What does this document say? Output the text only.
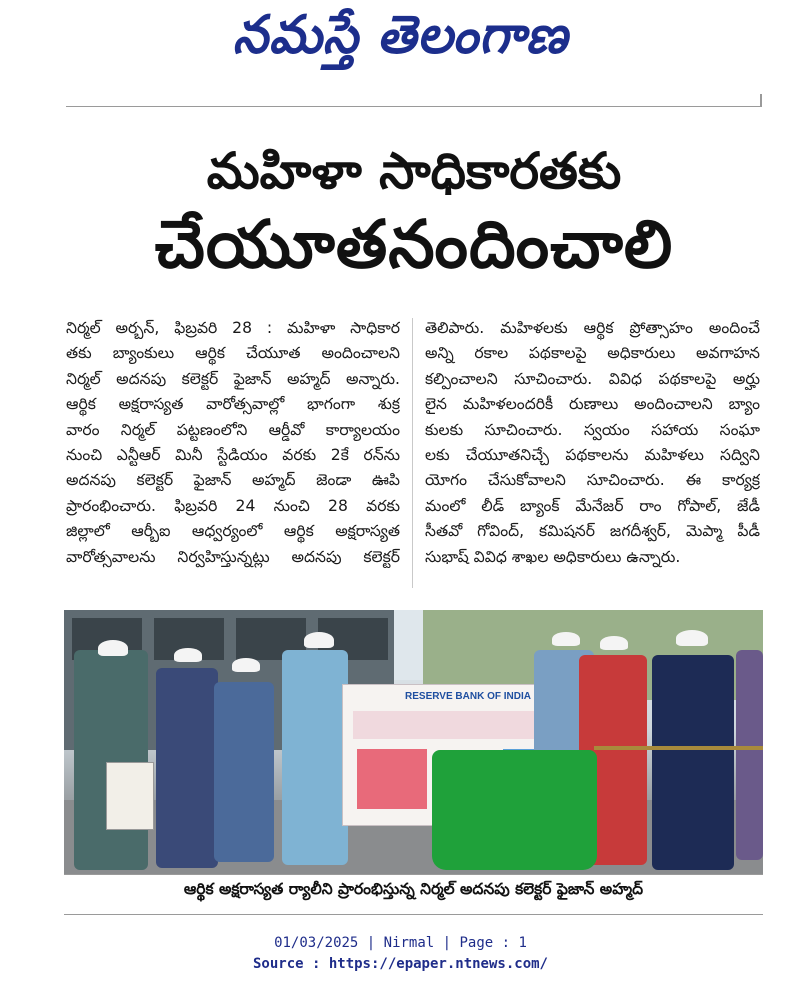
నమస్తే తెలంగాణ
మహిళా సాధికారతకు
చేయూతనందించాలి
నిర్మల్ అర్బన్, ఫిబ్రవరి 28 : మహిళా సాధికార
తకు బ్యాంకులు ఆర్థిక చేయూత అందించాలని
నిర్మల్ అదనపు కలెక్టర్ ఫైజాన్ అహ్మద్ అన్నారు.
ఆర్థిక అక్షరాస్యత వారోత్సవాల్లో భాగంగా శుక్ర
వారం నిర్మల్ పట్టణంలోని ఆర్డీవో కార్యాలయం
నుంచి ఎన్టీఆర్ మినీ స్టేడియం వరకు 2కే రన్‌ను
అదనపు కలెక్టర్ ఫైజాన్ అహ్మద్ జెండా ఊపి
ప్రారంభించారు. ఫిబ్రవరి 24 నుంచి 28 వరకు
జిల్లాలో ఆర్బీఐ ఆధ్వర్యంలో ఆర్థిక అక్షరాస్యత
వారోత్సవాలను నిర్వహిస్తున్నట్లు అదనపు కలెక్టర్
తెలిపారు. మహిళలకు ఆర్థిక ప్రోత్సాహం అందించే
అన్ని రకాల పథకాలపై అధికారులు అవగాహన
కల్పించాలని సూచించారు. వివిధ పథకాలపై అర్హు
లైన మహిళలందరికీ రుణాలు అందించాలని బ్యాం
కులకు సూచించారు. స్వయం సహాయ సంఘా
లకు చేయూతనిచ్చే పథకాలను మహిళలు సద్విని
యోగం చేసుకోవాలని సూచించారు. ఈ కార్యక్ర
మంలో లీడ్ బ్యాంక్ మేనేజర్ రాం గోపాల్, జేడీ
సీతవో గోవింద్, కమిషనర్ జగదీశ్వర్, మెప్మా పీడీ
సుభాష్ వివిధ శాఖల అధికారులు ఉన్నారు.
RESERVE BANK OF INDIA
ఆర్థిక అక్షరాస్యత ర్యాలీని ప్రారంభిస్తున్న నిర్మల్ అదనపు కలెక్టర్ ఫైజాన్ అహ్మద్
01/03/2025 | Nirmal | Page : 1
Source : https://epaper.ntnews.com/
